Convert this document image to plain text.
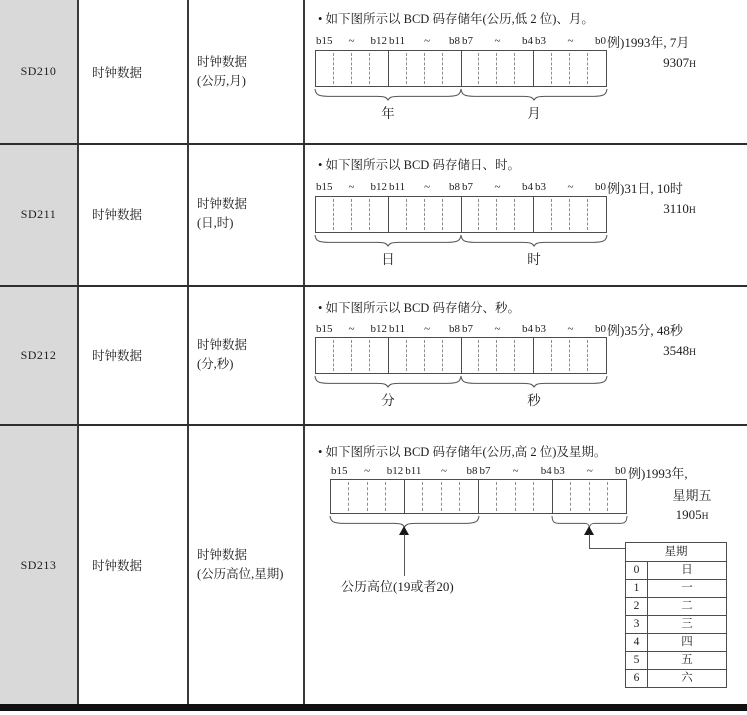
SD210	时钟数据
时钟数据
(公历,月)
• 如下图所示以 BCD 码存储年(公历,低 2 位)、月。
b15 ~ b12 b11 ~ b8 b7 ~ b4 b3 ~ b0
年	月
例)1993年, 7月
9307H
SD211	时钟数据
时钟数据
(日,时)
• 如下图所示以 BCD 码存储日、时。
b15 ~ b12 b11 ~ b8 b7 ~ b4 b3 ~ b0
日	时
例)31日, 10时
3110H
SD212	时钟数据
时钟数据
(分,秒)
• 如下图所示以 BCD 码存储分、秒。
b15 ~ b12 b11 ~ b8 b7 ~ b4 b3 ~ b0
分	秒
例)35分, 48秒
3548H
SD213	时钟数据
时钟数据
(公历高位,星期)
• 如下图所示以 BCD 码存储年(公历,高 2 位)及星期。
b15 ~ b12 b11 ~ b8 b7 ~ b4 b3 ~ b0
公历高位(19或者20)
例)1993年,
星期五
1905H
星期
0	日
1	一
2	二
3	三
4	四
5	五
6	六
